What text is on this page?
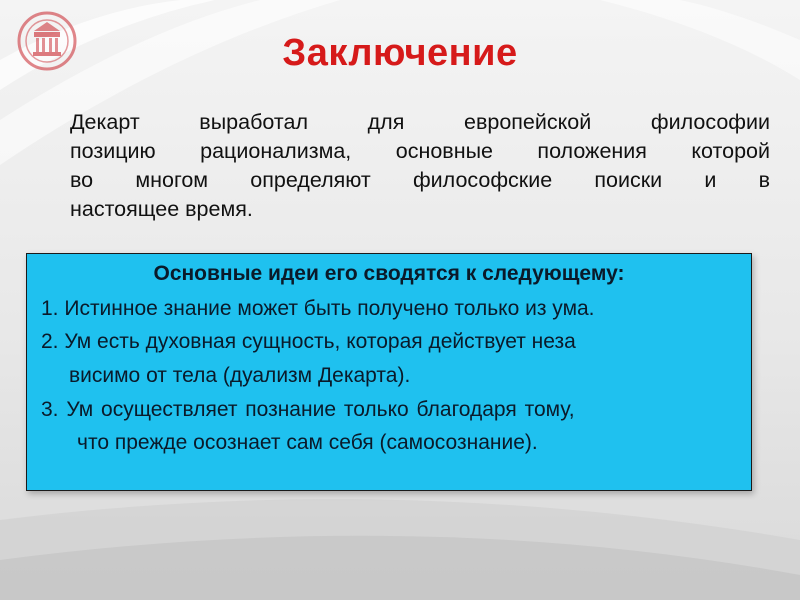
Заключение
Декарт выработал для европейской философии
позицию рационализма, основные положения которой
во многом определяют философские поиски и в
настоящее время.
Основные идеи его сводятся к следующему:
1. Истинное знание может быть получено только из ума.
2. Ум есть духовная сущность, которая действует неза
висимо от тела (дуализм Декарта).
3. Ум осуществляет познание только благодаря тому,
что прежде осознает сам себя (самосознание).
